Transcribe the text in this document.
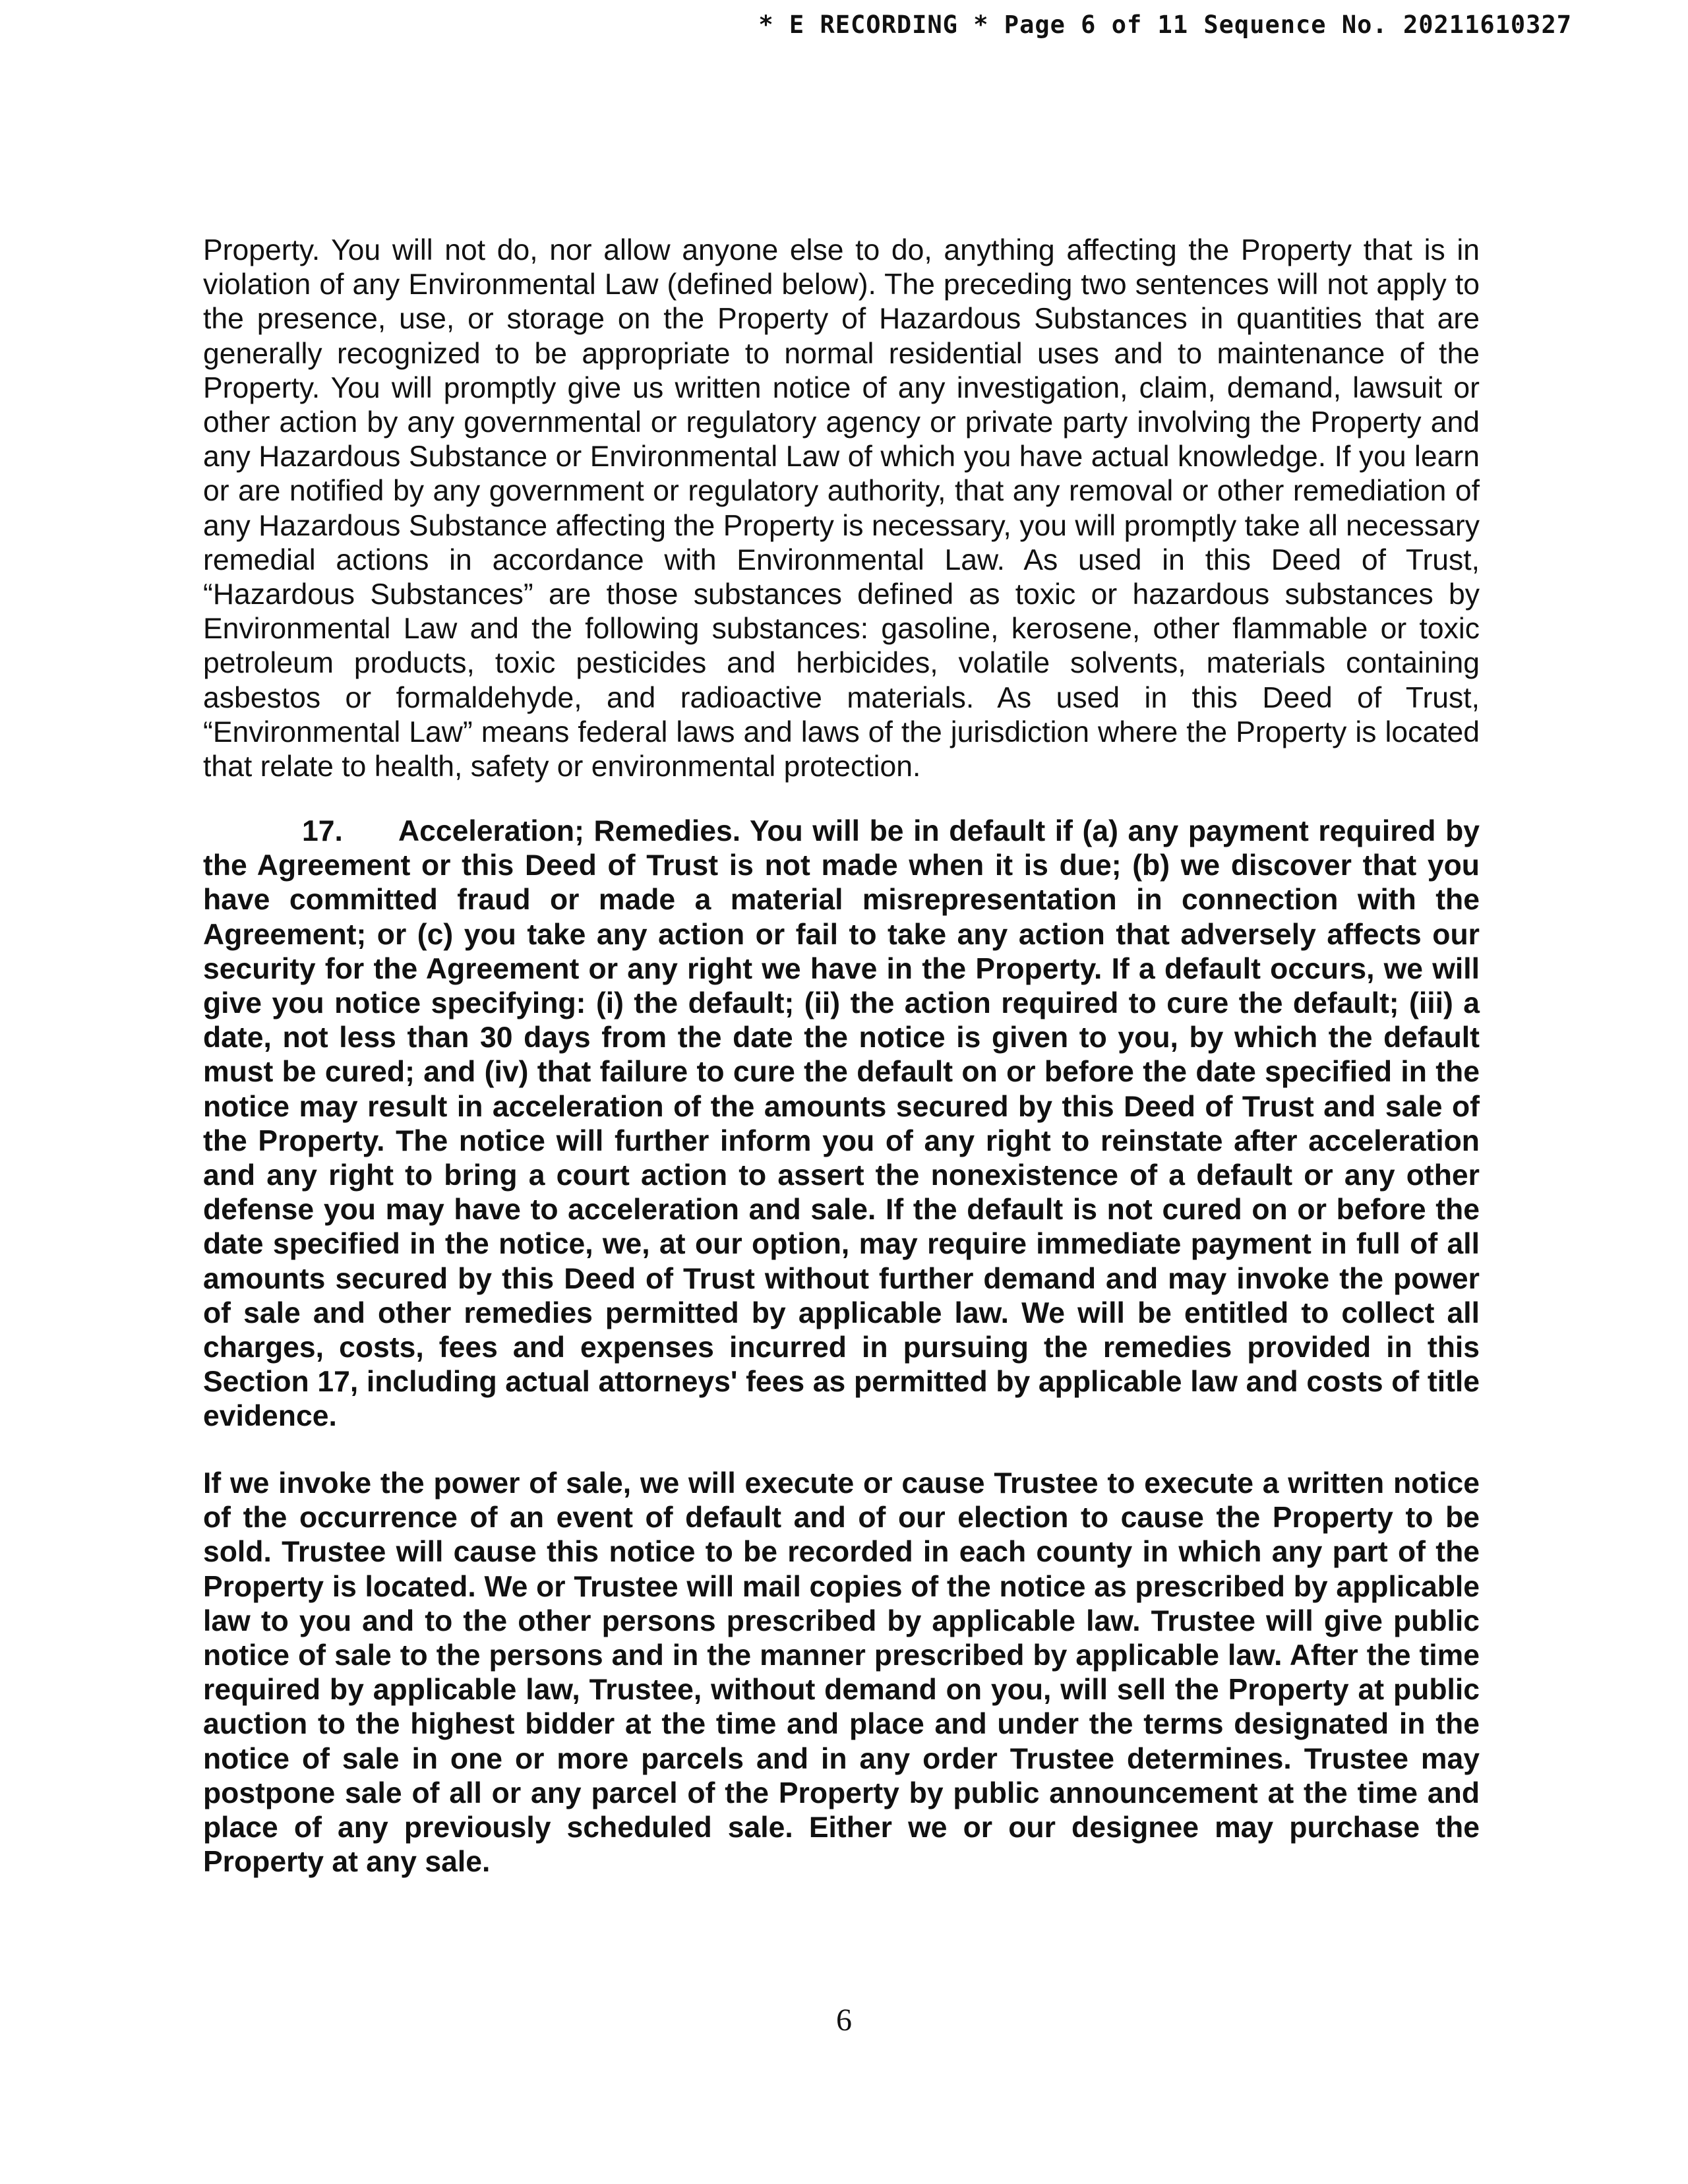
* E RECORDING * Page 6 of 11 Sequence No. 20211610327

Property. You will not do, nor allow anyone else to do, anything affecting the Property that is in violation of any Environmental Law (defined below). The preceding two sentences will not apply to the presence, use, or storage on the Property of Hazardous Substances in quantities that are generally recognized to be appropriate to normal residential uses and to maintenance of the Property. You will promptly give us written notice of any investigation, claim, demand, lawsuit or other action by any governmental or regulatory agency or private party involving the Property and any Hazardous Substance or Environmental Law of which you have actual knowledge. If you learn or are notified by any government or regulatory authority, that any removal or other remediation of any Hazardous Substance affecting the Property is necessary, you will promptly take all necessary remedial actions in accordance with Environmental Law. As used in this Deed of Trust, “Hazardous Substances” are those substances defined as toxic or hazardous substances by Environmental Law and the following substances: gasoline, kerosene, other flammable or toxic petroleum products, toxic pesticides and herbicides, volatile solvents, materials containing asbestos or formaldehyde, and radioactive materials. As used in this Deed of Trust, “Environmental Law” means federal laws and laws of the jurisdiction where the Property is located that relate to health, safety or environmental protection.

17. Acceleration; Remedies. You will be in default if (a) any payment required by the Agreement or this Deed of Trust is not made when it is due; (b) we discover that you have committed fraud or made a material misrepresentation in connection with the Agreement; or (c) you take any action or fail to take any action that adversely affects our security for the Agreement or any right we have in the Property. If a default occurs, we will give you notice specifying: (i) the default; (ii) the action required to cure the default; (iii) a date, not less than 30 days from the date the notice is given to you, by which the default must be cured; and (iv) that failure to cure the default on or before the date specified in the notice may result in acceleration of the amounts secured by this Deed of Trust and sale of the Property. The notice will further inform you of any right to reinstate after acceleration and any right to bring a court action to assert the nonexistence of a default or any other defense you may have to acceleration and sale. If the default is not cured on or before the date specified in the notice, we, at our option, may require immediate payment in full of all amounts secured by this Deed of Trust without further demand and may invoke the power of sale and other remedies permitted by applicable law. We will be entitled to collect all charges, costs, fees and expenses incurred in pursuing the remedies provided in this Section 17, including actual attorneys' fees as permitted by applicable law and costs of title evidence.

If we invoke the power of sale, we will execute or cause Trustee to execute a written notice of the occurrence of an event of default and of our election to cause the Property to be sold. Trustee will cause this notice to be recorded in each county in which any part of the Property is located. We or Trustee will mail copies of the notice as prescribed by applicable law to you and to the other persons prescribed by applicable law. Trustee will give public notice of sale to the persons and in the manner prescribed by applicable law. After the time required by applicable law, Trustee, without demand on you, will sell the Property at public auction to the highest bidder at the time and place and under the terms designated in the notice of sale in one or more parcels and in any order Trustee determines. Trustee may postpone sale of all or any parcel of the Property by public announcement at the time and place of any previously scheduled sale. Either we or our designee may purchase the Property at any sale.

6
